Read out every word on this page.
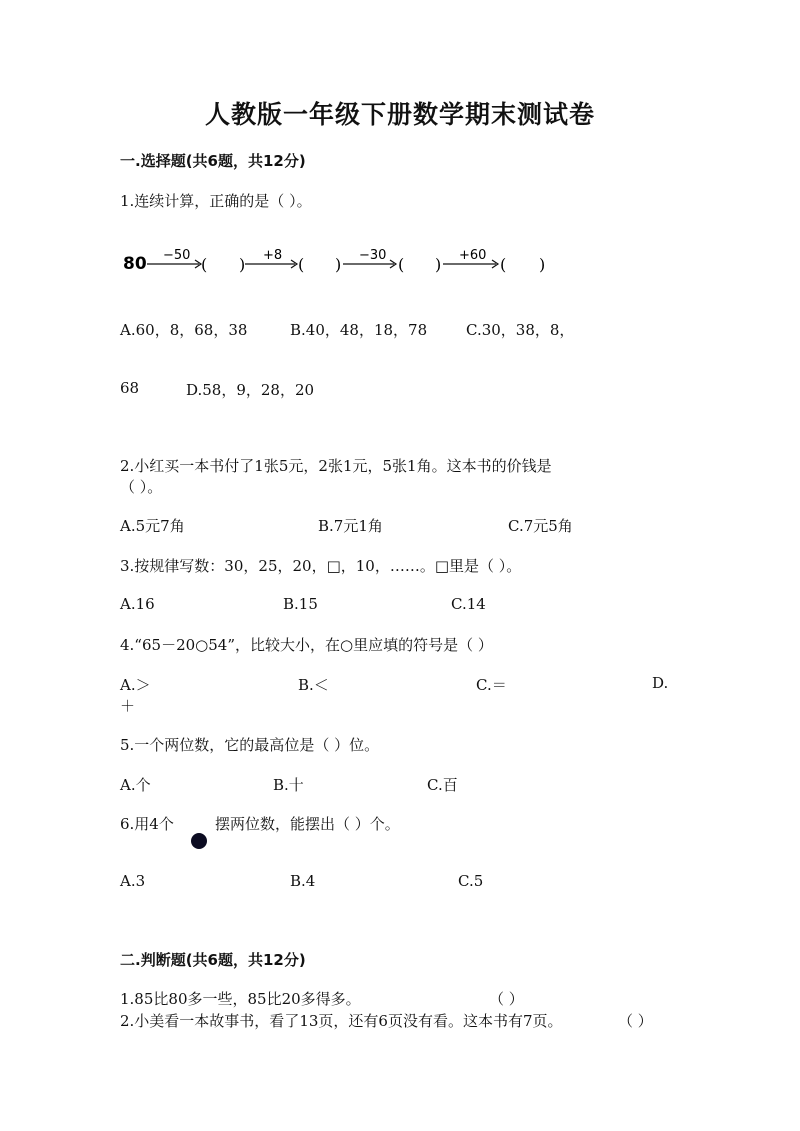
人教版一年级下册数学期末测试卷
一.选择题(共6题，共12分)
1.连续计算，正确的是（ ）。
80 −50 ( ) +8 ( ) −30 ( ) +60 ( )
A.60，8，68，38	B.40，48，18，78	C.30，38，8，
68	D.58，9，28，20
2.小红买一本书付了1张5元，2张1元，5张1角。这本书的价钱是
（ ）。
A.5元7角	B.7元1角	C.7元5角
3.按规律写数：30，25，20，□，10，……。□里是（ ）。
A.16	B.15	C.14
4.“65－20○54”，比较大小，在○里应填的符号是（ ）
A.＞	B.＜	C.＝	D.
＋
5.一个两位数，它的最高位是（ ）位。
A.个	B.十	C.百
6.用4个	摆两位数，能摆出（ ）个。
A.3	B.4	C.5
二.判断题(共6题，共12分)
1.85比80多一些，85比20多得多。	（ ）
2.小美看一本故事书，看了13页，还有6页没有看。这本书有7页。	（ ）
